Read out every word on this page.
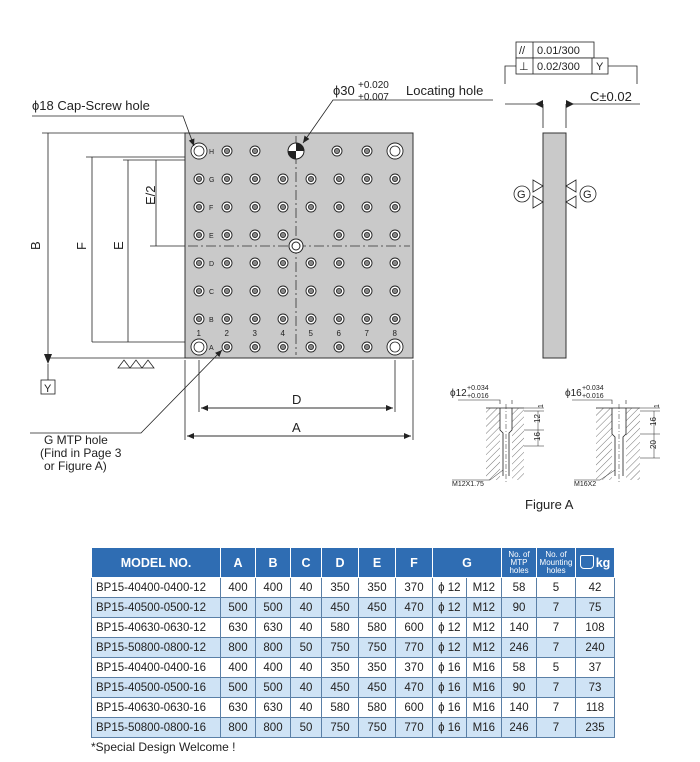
H
G
F
E
D
C
B
A
1	2	3	4	5	6	7	8
ϕ18 Cap-Screw hole
ϕ30 +0.020
+0.007 Locating hole
B F E
E/2
Y
D
A
G MTP hole
(Find in Page 3
or Figure A)
// 0.01/300
⊥ 0.02/300 Y
C±0.02
G	G
ϕ12 +0.034
+0.016
1
12
16
M12X1.75
ϕ16 +0.034
+0.016
1
16
20
M16X2
Figure A
MODEL NO.	A	B	C	D	E	F	G		No. of MTP holes	No. of Mounting holes	kg
BP15-40400-0400-12	400	400	40	350	350	370	ϕ 12	M12	58	5	42
BP15-40500-0500-12	500	500	40	450	450	470	ϕ 12	M12	90	7	75
BP15-40630-0630-12	630	630	40	580	580	600	ϕ 12	M12	140	7	108
BP15-50800-0800-12	800	800	50	750	750	770	ϕ 12	M12	246	7	240
BP15-40400-0400-16	400	400	40	350	350	370	ϕ 16	M16	58	5	37
BP15-40500-0500-16	500	500	40	450	450	470	ϕ 16	M16	90	7	73
BP15-40630-0630-16	630	630	40	580	580	600	ϕ 16	M16	140	7	118
BP15-50800-0800-16	800	800	50	750	750	770	ϕ 16	M16	246	7	235
*Special Design Welcome !
